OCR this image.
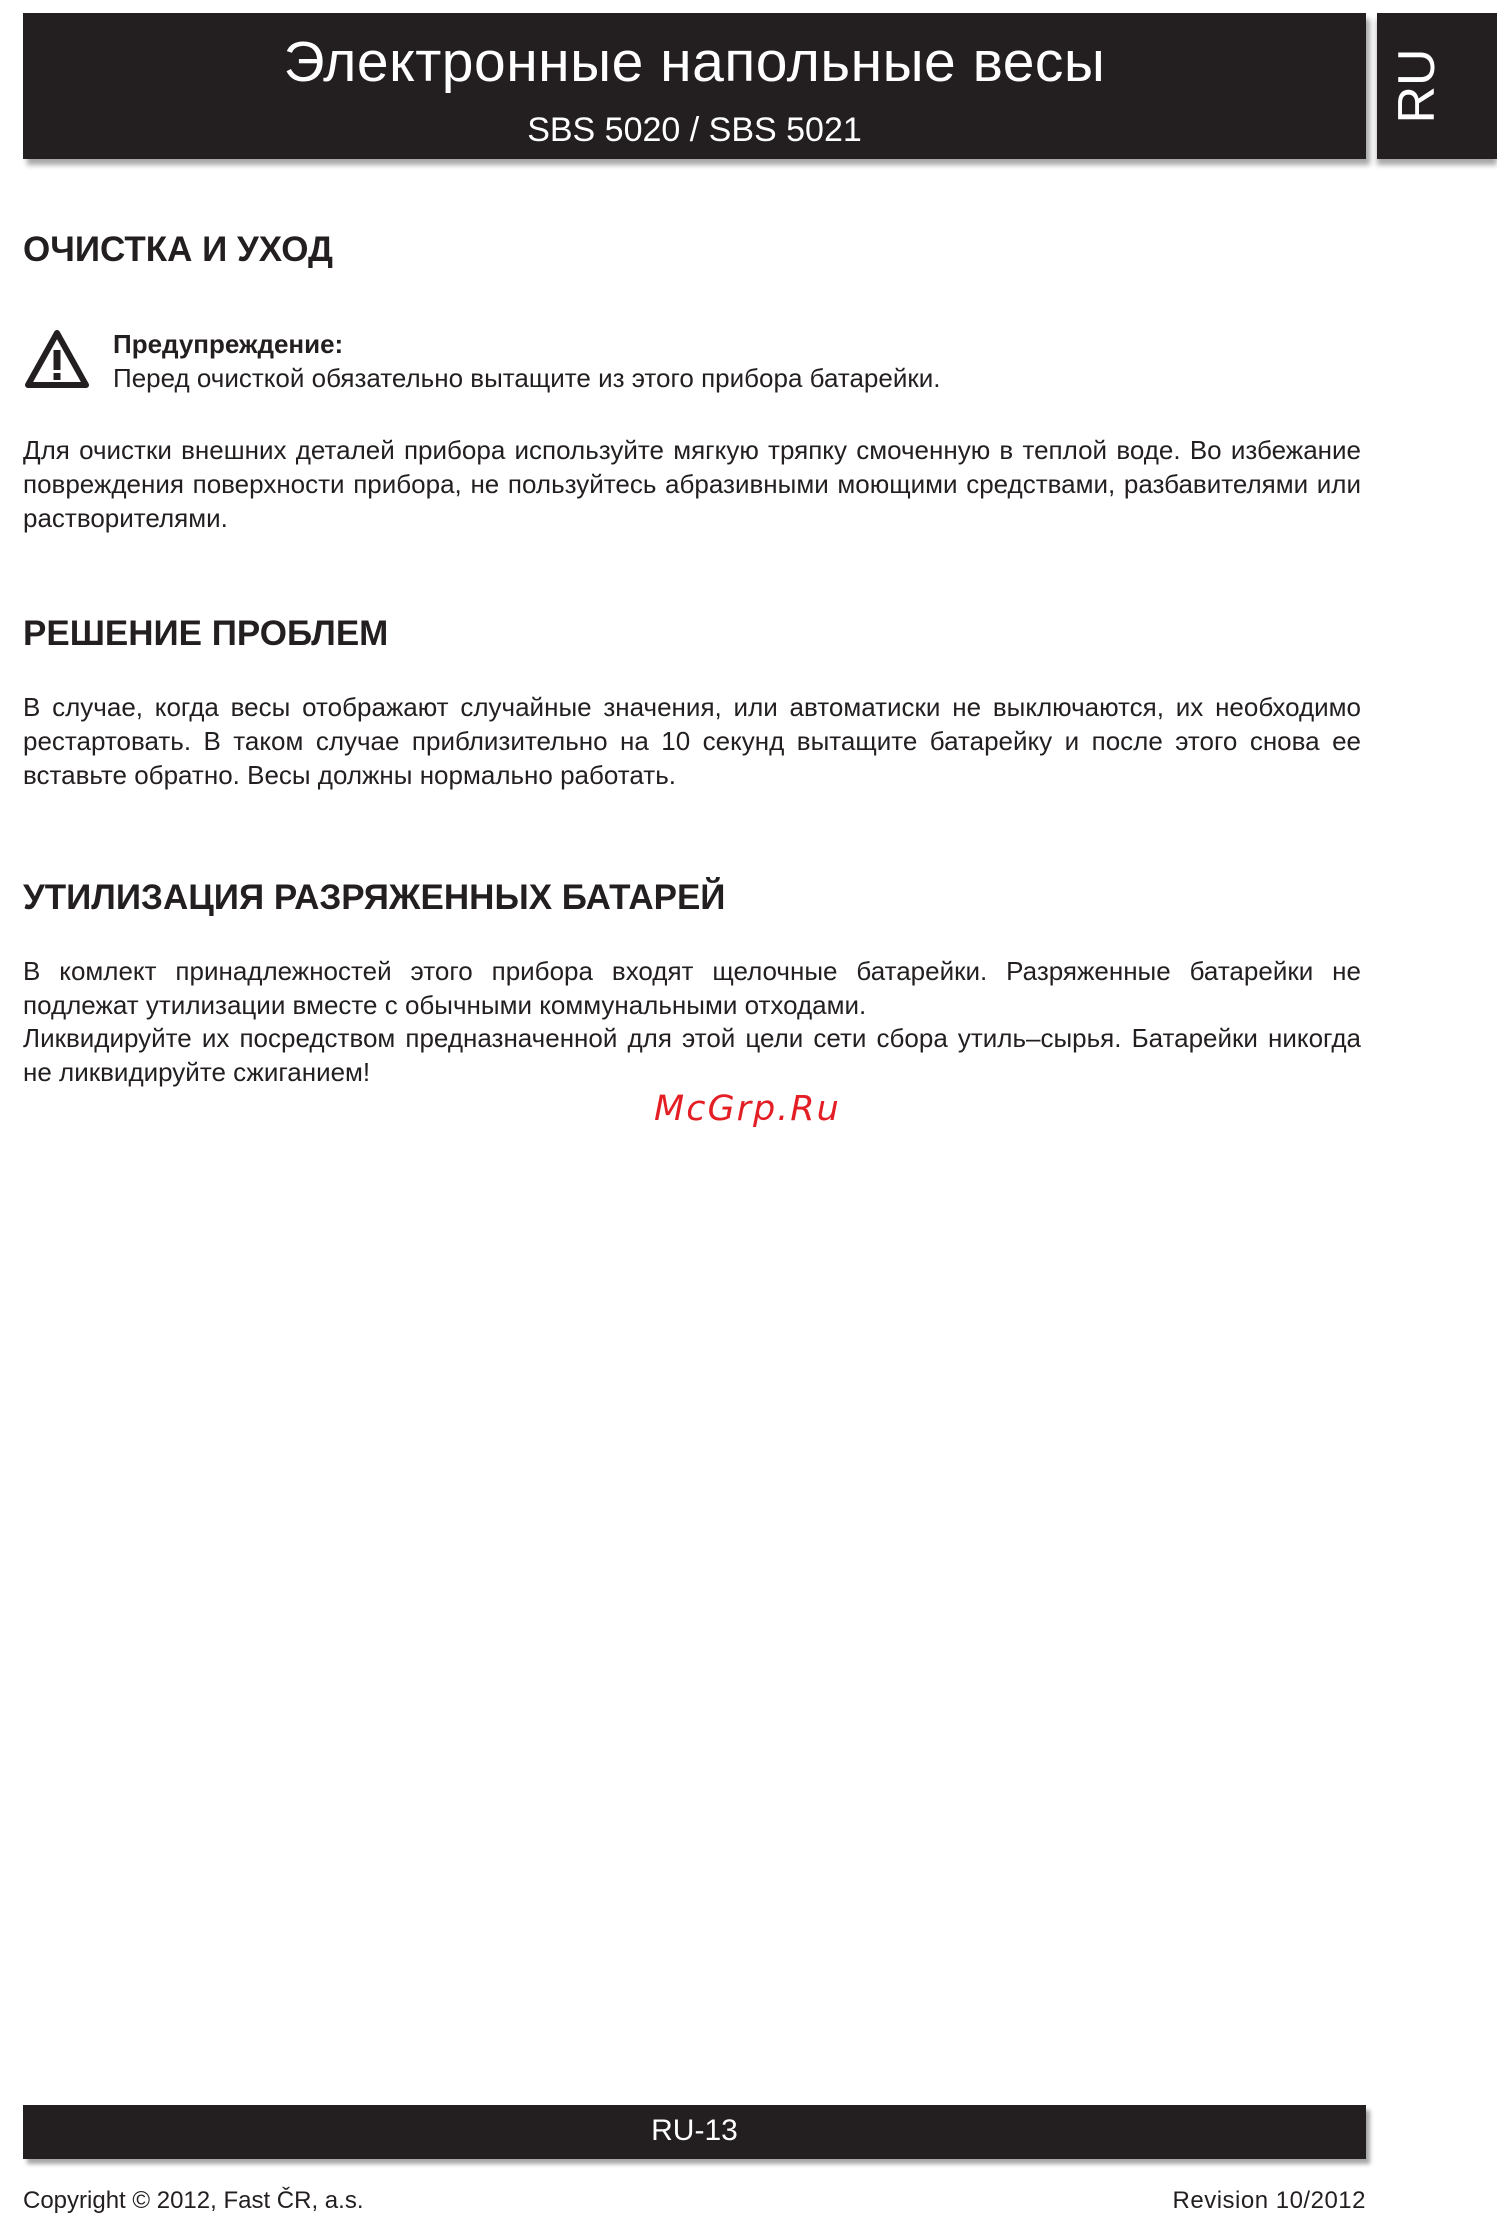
Электронные напольные весы
SBS 5020 / SBS 5021
RU
ОЧИСТКА И УХОД
Предупреждение:
Перед очисткой обязательно вытащите из этого прибора батарейки.

Для очистки внешних деталей прибора используйте мягкую тряпку смоченную в теплой воде. Во избежание повреждения поверхности прибора, не пользуйтесь абразивными моющими средствами, разбавителями или растворителями.

РЕШЕНИЕ ПРОБЛЕМ

В случае, когда весы отображают случайные значения, или автоматиски не выключаются, их необходимо рестартовать. В таком случае приблизительно на 10 секунд вытащите батарейку и после этого снова ее вставьте обратно. Весы должны нормально работать.

УТИЛИЗАЦИЯ РАЗРЯЖЕННЫХ БАТАРЕЙ

В комлект принадлежностей этого прибора входят щелочные батарейки. Разряженные батарейки не подлежат утилизации вместе с обычными коммунальными отходами.

Ликвидируйте их посредством предназначенной для этой цели сети сбора утиль–сырья. Батарейки никогда не ликвидируйте сжиганием!

McGrp.Ru
RU-13
Copyright © 2012, Fast ČR, a.s.	Revision 10/2012
